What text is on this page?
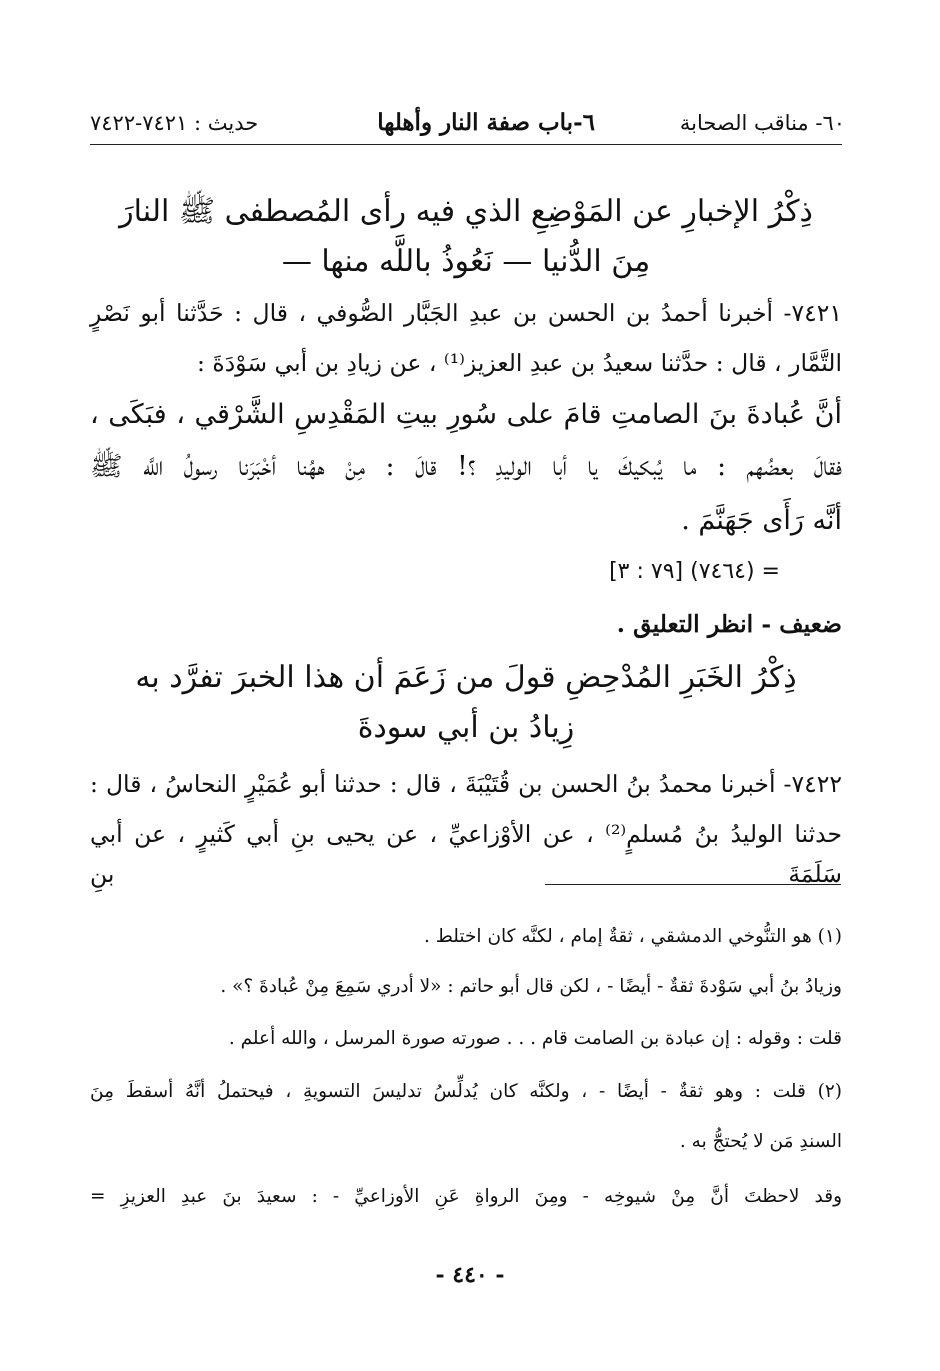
٦٠- مناقب الصحابة
٦-باب صفة النار وأهلها
حديث : ٧٤٢١-٧٤٢٢
ذِكْرُ الإخبارِ عن المَوْضِعِ الذي فيه رأى المُصطفى ﷺ النارَ
مِنَ الدُّنيا — نَعُوذُ باللَّه منها —

٧٤٢١- أخبرنا أحمدُ بن الحسن بن عبدِ الجَبَّار الصُّوفي ، قال : حَدَّثنا أبو نَصْرٍ

التَّمَّار ، قال : حدَّثنا سعيدُ بن عبدِ العزيز⁽¹⁾ ، عن زيادِ بن أبي سَوْدَةَ :

أنَّ عُبادةَ بنَ الصامتِ قامَ على سُورِ بيتِ المَقْدِسِ الشَّرْقي ، فبَكَى ،

فقالَ بعضُهم : ما يُبكيكَ يا أبا الوليدِ ؟! قالَ : مِنْ ههُنا أخْبَرَنا رسولُ اللَّه ﷺ

أنَّه رَأَى جَهَنَّمَ .

= (٧٤٦٤) [٧٩ : ٣]

ضعيف - انظر التعليق .

ذِكْرُ الخَبَرِ المُدْحِضِ قولَ من زَعَمَ أن هذا الخبرَ تفرَّد به
زِيادُ بن أبي سودةَ

٧٤٢٢- أخبرنا محمدُ بنُ الحسن بن قُتَيْبَةَ ، قال : حدثنا أبو عُمَيْرٍ النحاسُ ، قال :

حدثنا الوليدُ بنُ مُسلمٍ⁽²⁾ ، عن الأوْزاعيِّ ، عن يحيى بنِ أبي كَثيرٍ ، عن أبي سَلَمَةَ بنِ

(١) هو التنُّوخي الدمشقي ، ثقةٌ إمام ، لكنَّه كان اختلط .

وزيادُ بنُ أبي سَوْدةَ ثقةٌ - أيضًا - ، لكن قال أبو حاتم : «لا أدري سَمِعَ مِنْ عُبادةَ ؟» .

قلت : وقوله : إن عبادة بن الصامت قام . . . صورته صورة المرسل ، والله أعلم .

(٢) قلت : وهو ثقةٌ - أيضًا - ، ولكنَّه كان يُدلِّسُ تدليسَ التسويةِ ، فيحتملُ أنَّهُ أسقطَ مِنَ

السندِ مَن لا يُحتجُّ به .

وقد لاحظتَ أنَّ مِنْ شيوخِه - ومِنَ الرواةِ عَنِ الأوزاعيِّ - : سعيدَ بنَ عبدِ العزيزِ =

- ٤٤٠ -
